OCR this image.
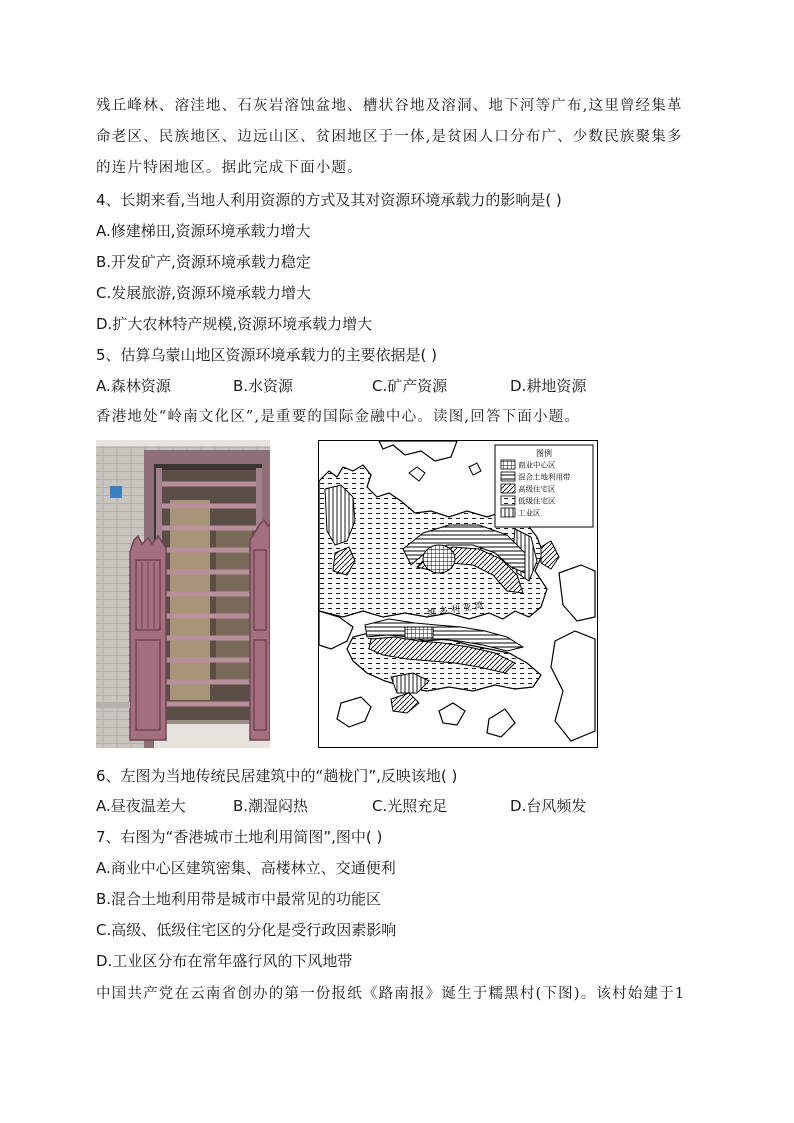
残丘峰林、溶洼地、石灰岩溶蚀盆地、槽状谷地及溶洞、地下河等广布,这里曾经集革
命老区、民族地区、边远山区、贫困地区于一体,是贫困人口分布广、少数民族聚集多
的连片特困地区。据此完成下面小题。
4、长期来看,当地人利用资源的方式及其对资源环境承载力的影响是( )
A.修建梯田,资源环境承载力增大
B.开发矿产,资源环境承载力稳定
C.发展旅游,资源环境承载力增大
D.扩大农林特产规模,资源环境承载力增大
5、估算乌蒙山地区资源环境承载力的主要依据是( )
A.森林资源	B.水资源	C.矿产资源	D.耕地资源
香港地处“岭南文化区”,是重要的国际金融中心。读图,回答下面小题。
图例
商业中心区
混合土地利用带
高级住宅区
低级住宅区
工业区
维 多 利 亚 湾
6、左图为当地传统民居建筑中的“趟栊门”,反映该地( )
A.昼夜温差大	B.潮湿闷热	C.光照充足	D.台风频发
7、右图为“香港城市土地利用简图”,图中( )
A.商业中心区建筑密集、高楼林立、交通便利
B.混合土地利用带是城市中最常见的功能区
C.高级、低级住宅区的分化是受行政因素影响
D.工业区分布在常年盛行风的下风地带
中国共产党在云南省创办的第一份报纸《路南报》诞生于糯黑村(下图)。该村始建于1
